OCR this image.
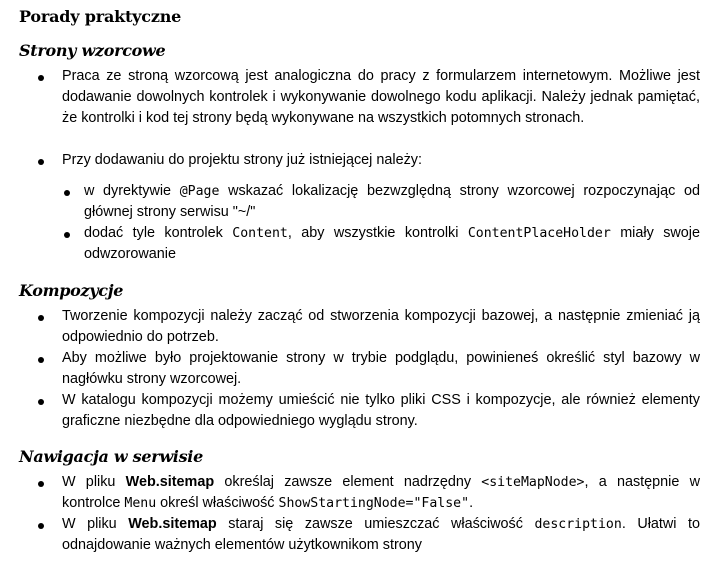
Porady praktyczne
Strony wzorcowe
Praca ze stroną wzorcową jest analogiczna do pracy z formularzem internetowym. Możliwe jest dodawanie dowolnych kontrolek i wykonywanie dowolnego kodu aplikacji. Należy jednak pamiętać, że kontrolki i kod tej strony będą wykonywane na wszystkich potomnych stronach.
Przy dodawaniu do projektu strony już istniejącej należy:
w dyrektywie @Page wskazać lokalizację bezwzględną strony wzorcowej rozpoczynając od głównej strony serwisu "~/"
dodać tyle kontrolek Content, aby wszystkie kontrolki ContentPlaceHolder miały swoje odwzorowanie
Kompozycje
Tworzenie kompozycji należy zacząć od stworzenia kompozycji bazowej, a następnie zmieniać ją odpowiednio do potrzeb.
Aby możliwe było projektowanie strony w trybie podglądu, powinieneś określić styl bazowy w nagłówku strony wzorcowej.
W katalogu kompozycji możemy umieścić nie tylko pliki CSS i kompozycje, ale również elementy graficzne niezbędne dla odpowiedniego wyglądu strony.
Nawigacja w serwisie
W pliku Web.sitemap określaj zawsze element nadrzędny <siteMapNode>, a następnie w kontrolce Menu określ właściwość ShowStartingNode="False".
W pliku Web.sitemap staraj się zawsze umieszczać właściwość description. Ułatwi to odnajdowanie ważnych elementów użytkownikom strony
